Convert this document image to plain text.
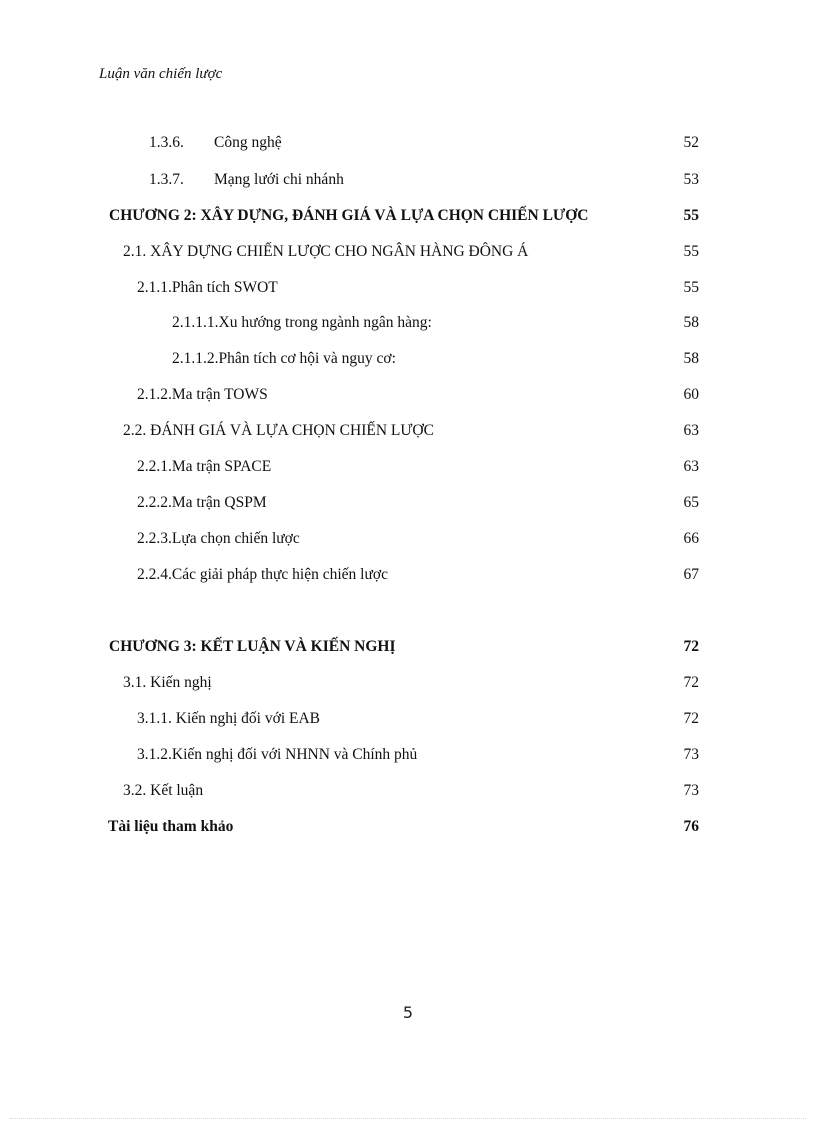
Luận văn chiến lược
1.3.6. Công nghệ	52
1.3.7. Mạng lưới chi nhánh	53
CHƯƠNG 2: XÂY DỰNG, ĐÁNH GIÁ VÀ LỰA CHỌN CHIẾN LƯỢC	55
2.1. XÂY DỰNG CHIẾN LƯỢC CHO NGÂN HÀNG ĐÔNG Á	55
2.1.1.Phân tích SWOT	55
2.1.1.1.Xu hướng trong ngành ngân hàng:	58
2.1.1.2.Phân tích cơ hội và nguy cơ:	58
2.1.2.Ma trận TOWS	60
2.2. ĐÁNH GIÁ VÀ LỰA CHỌN CHIẾN LƯỢC	63
2.2.1.Ma trận SPACE	63
2.2.2.Ma trận QSPM	65
2.2.3.Lựa chọn chiến lược	66
2.2.4.Các giải pháp thực hiện chiến lược	67
CHƯƠNG 3: KẾT LUẬN VÀ KIẾN NGHỊ	72
3.1. Kiến nghị	72
3.1.1. Kiến nghị đối với EAB	72
3.1.2.Kiến nghị đối với NHNN và Chính phủ	73
3.2. Kết luận	73
Tài liệu tham khảo	76
5
